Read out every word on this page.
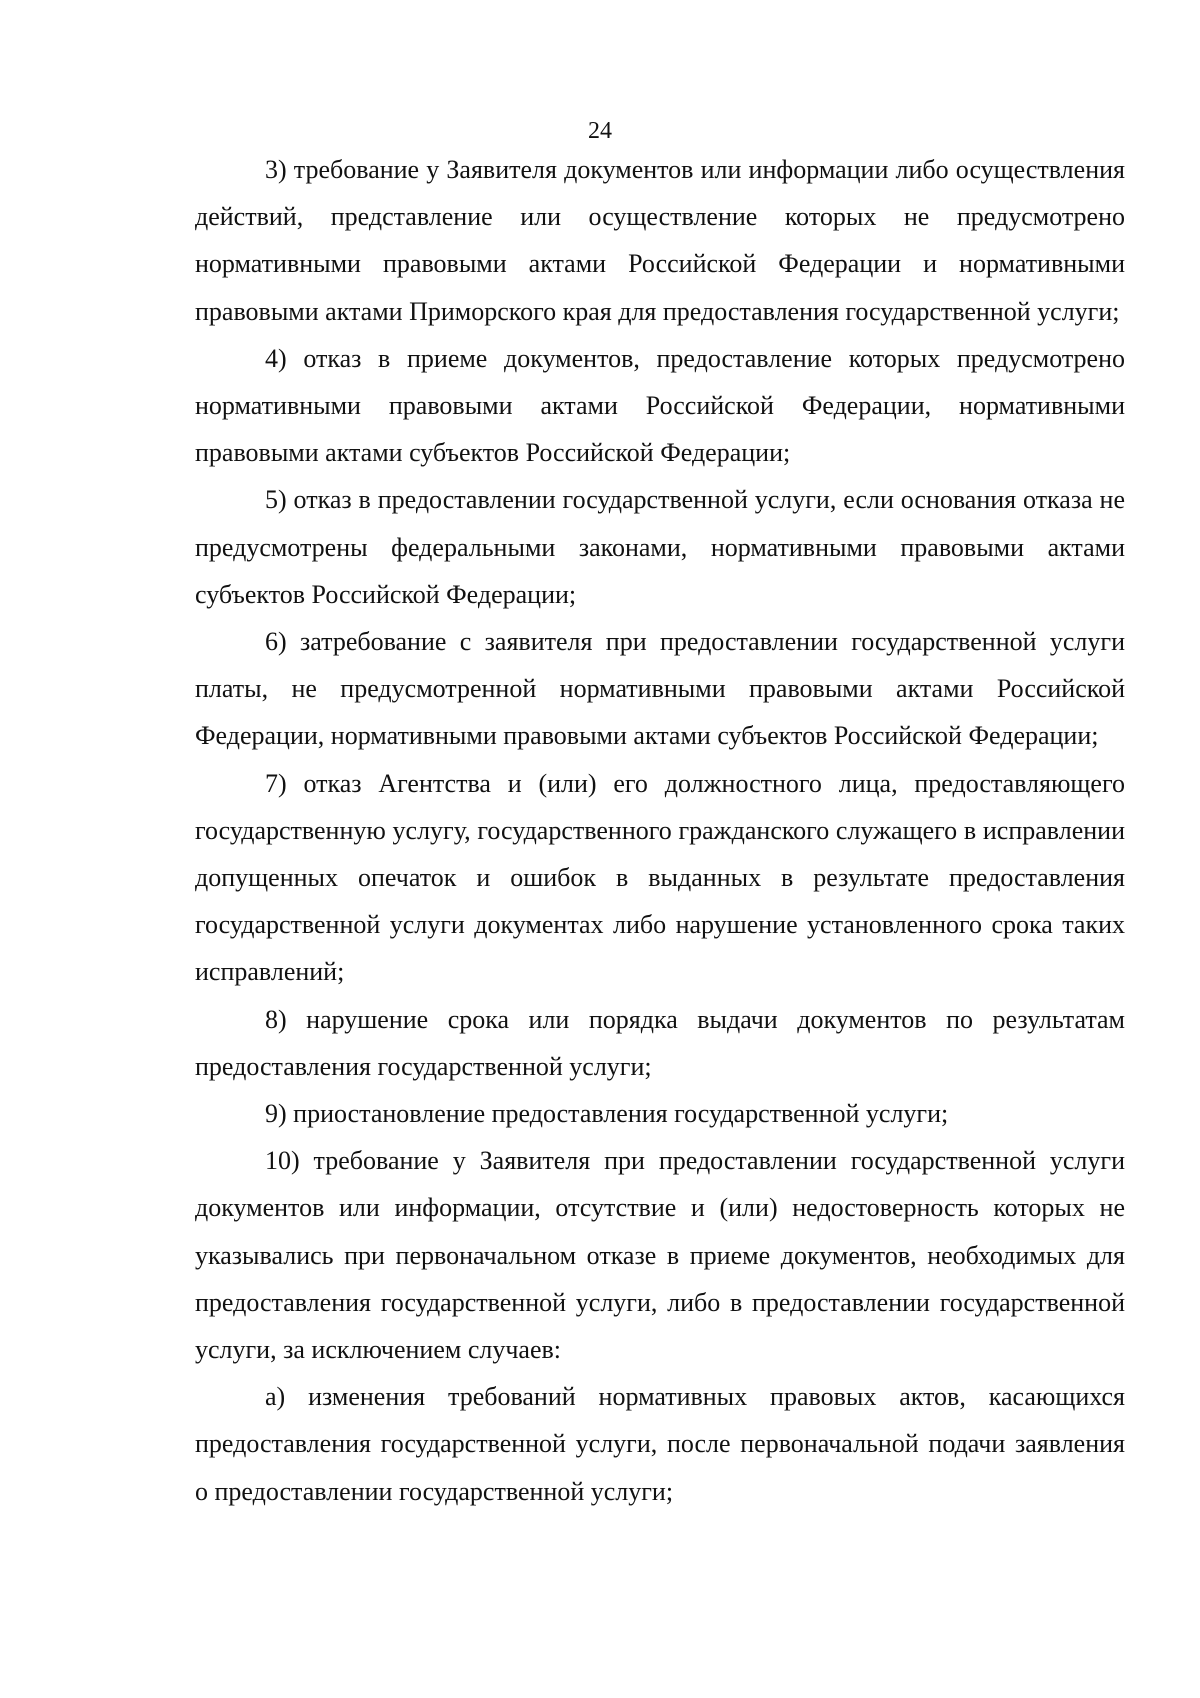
24

3) требование у Заявителя документов или информации либо осуществления действий, представление или осуществление которых не предусмотрено нормативными правовыми актами Российской Федерации и нормативными правовыми актами Приморского края для предоставления государственной услуги;

4) отказ в приеме документов, предоставление которых предусмотрено нормативными правовыми актами Российской Федерации, нормативными правовыми актами субъектов Российской Федерации;

5) отказ в предоставлении государственной услуги, если основания отказа не предусмотрены федеральными законами, нормативными правовыми актами субъектов Российской Федерации;

6) затребование с заявителя при предоставлении государственной услуги платы, не предусмотренной нормативными правовыми актами Российской Федерации, нормативными правовыми актами субъектов Российской Федерации;

7) отказ Агентства и (или) его должностного лица, предоставляющего государственную услугу, государственного гражданского служащего в исправлении допущенных опечаток и ошибок в выданных в результате предоставления государственной услуги документах либо нарушение установленного срока таких исправлений;

8) нарушение срока или порядка выдачи документов по результатам предоставления государственной услуги;

9) приостановление предоставления государственной услуги;

10) требование у Заявителя при предоставлении государственной услуги документов или информации, отсутствие и (или) недостоверность которых не указывались при первоначальном отказе в приеме документов, необходимых для предоставления государственной услуги, либо в предоставлении государственной услуги, за исключением случаев:

а) изменения требований нормативных правовых актов, касающихся предоставления государственной услуги, после первоначальной подачи заявления о предоставлении государственной услуги;
